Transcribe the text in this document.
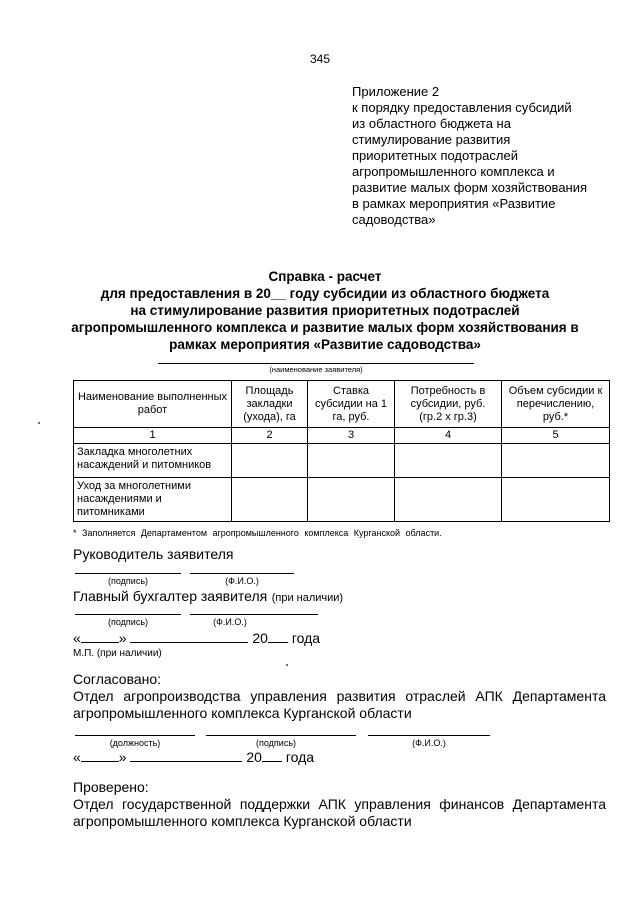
345
Приложение 2
к порядку предоставления субсидий
из областного бюджета на
стимулирование развития
приоритетных подотраслей
агропромышленного комплекса и
развитие малых форм хозяйствования
в рамках мероприятия «Развитие
садоводства»
Справка - расчет
для предоставления в 20__ году субсидии из областного бюджета
на стимулирование развития приоритетных подотраслей
агропромышленного комплекса и развитие малых форм хозяйствования в
рамках мероприятия «Развитие садоводства»
(наименование заявителя)
Наименование выполненных работ	Площадь закладки (ухода), га	Ставка субсидии на 1 га, руб.	Потребность в субсидии, руб. (гр.2 х гр.3)	Объем субсидии к перечислению, руб.*
1	2	3	4	5
Закладка многолетних насаждений и питомников				
Уход за многолетними насаждениями и питомниками				
* Заполняется Департаментом агропромышленного комплекса Курганской области.
Руководитель заявителя
(подпись)	(Ф.И.О.)
Главный бухгалтер заявителя (при наличии)
(подпись)	(Ф.И.О.)
«	»	20 года
М.П. (при наличии)
Согласовано:
Отдел агропроизводства управления развития отраслей АПК Департамента агропромышленного комплекса Курганской области
(должность)	(подпись)	(Ф.И.О.)
«	»	20 года
Проверено:
Отдел государственной поддержки АПК управления финансов Департамента агропромышленного комплекса Курганской области
